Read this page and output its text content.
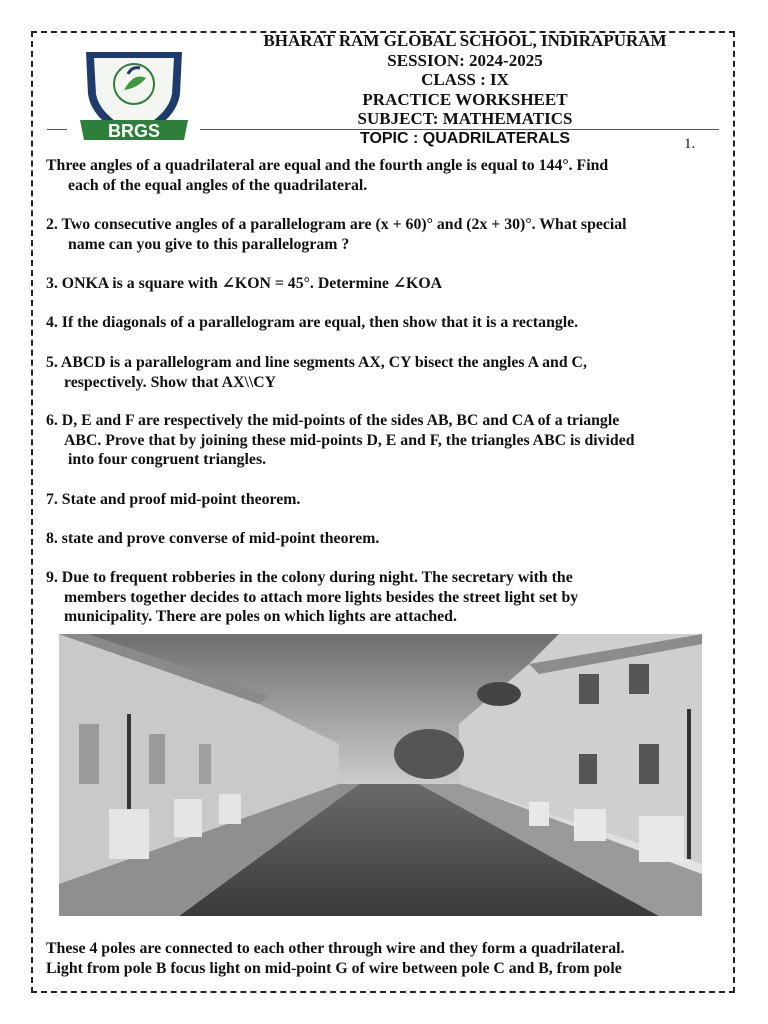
BRGS
BHARAT RAM GLOBAL SCHOOL, INDIRAPURAM
SESSION: 2024-2025
CLASS : IX
PRACTICE WORKSHEET
SUBJECT: MATHEMATICS
TOPIC : QUADRILATERALS	1.
Three angles of a quadrilateral are equal and the fourth angle is equal to 144°. Find
each of the equal angles of the quadrilateral.
2. Two consecutive angles of a parallelogram are (x + 60)° and (2x + 30)°. What special
name can you give to this parallelogram ?
3. ONKA is a square with ∠KON = 45°. Determine ∠KOA
4. If the diagonals of a parallelogram are equal, then show that it is a rectangle.
5. ABCD is a parallelogram and line segments AX, CY bisect the angles A and C,
respectively. Show that AX\\CY
6. D, E and F are respectively the mid-points of the sides AB, BC and CA of a triangle
ABC. Prove that by joining these mid-points D, E and F, the triangles ABC is divided
into four congruent triangles.
7. State and proof mid-point theorem.
8. state and prove converse of mid-point theorem.
9. Due to frequent robberies in the colony during night. The secretary with the
members together decides to attach more lights besides the street light set by
municipality. There are poles on which lights are attached.
These 4 poles are connected to each other through wire and they form a quadrilateral.
Light from pole B focus light on mid-point G of wire between pole C and B, from pole
